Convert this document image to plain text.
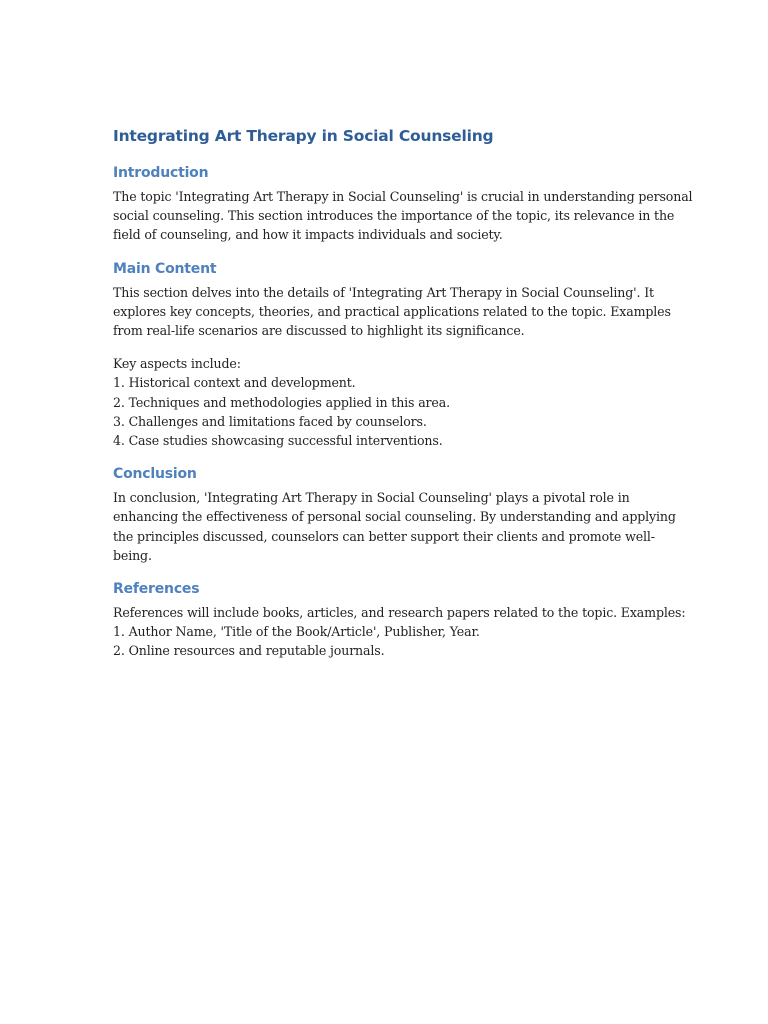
Integrating Art Therapy in Social Counseling
Introduction

The topic 'Integrating Art Therapy in Social Counseling' is crucial in understanding personal
social counseling. This section introduces the importance of the topic, its relevance in the
field of counseling, and how it impacts individuals and society.

Main Content

This section delves into the details of 'Integrating Art Therapy in Social Counseling'. It
explores key concepts, theories, and practical applications related to the topic. Examples
from real-life scenarios are discussed to highlight its significance.

Key aspects include:
1. Historical context and development.
2. Techniques and methodologies applied in this area.
3. Challenges and limitations faced by counselors.
4. Case studies showcasing successful interventions.

Conclusion

In conclusion, 'Integrating Art Therapy in Social Counseling' plays a pivotal role in
enhancing the effectiveness of personal social counseling. By understanding and applying
the principles discussed, counselors can better support their clients and promote well-
being.

References

References will include books, articles, and research papers related to the topic. Examples:
1. Author Name, 'Title of the Book/Article', Publisher, Year.
2. Online resources and reputable journals.
